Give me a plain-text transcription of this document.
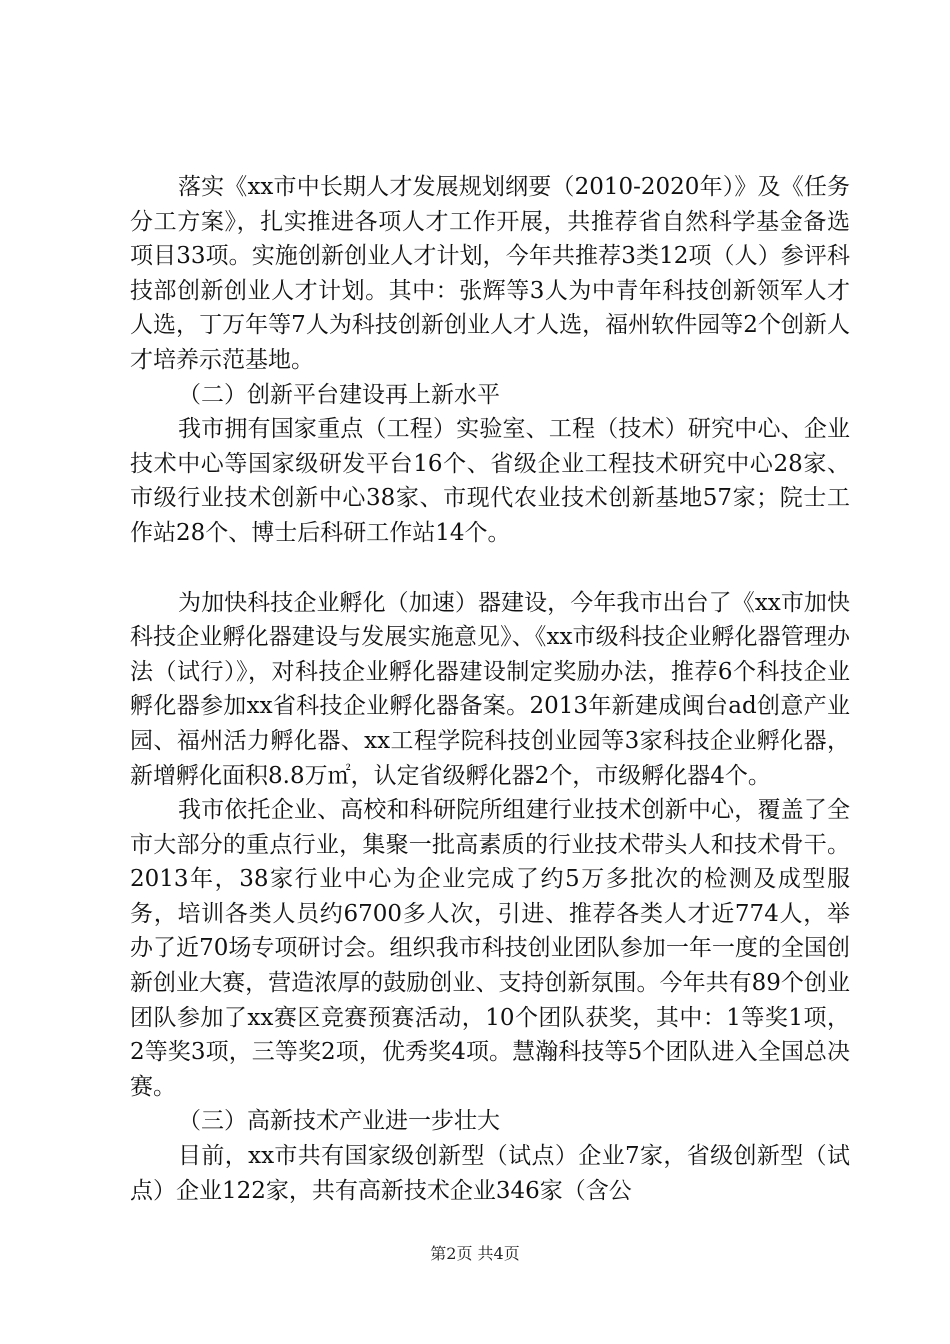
落实《xx市中长期人才发展规划纲要（2010-2020年）》及《任务分工方案》，扎实推进各项人才工作开展，共推荐省自然科学基金备选项目33项。实施创新创业人才计划，今年共推荐3类12项（人）参评科技部创新创业人才计划。其中：张辉等3人为中青年科技创新领军人才人选，丁万年等7人为科技创新创业人才人选，福州软件园等2个创新人才培养示范基地。

（二）创新平台建设再上新水平

我市拥有国家重点（工程）实验室、工程（技术）研究中心、企业技术中心等国家级研发平台16个、省级企业工程技术研究中心28家、市级行业技术创新中心38家、市现代农业技术创新基地57家；院士工作站28个、博士后科研工作站14个。

为加快科技企业孵化（加速）器建设，今年我市出台了《xx市加快科技企业孵化器建设与发展实施意见》、《xx市级科技企业孵化器管理办法（试行）》，对科技企业孵化器建设制定奖励办法，推荐6个科技企业孵化器参加xx省科技企业孵化器备案。2013年新建成闽台ad创意产业园、福州活力孵化器、xx工程学院科技创业园等3家科技企业孵化器，新增孵化面积8.8万㎡，认定省级孵化器2个，市级孵化器4个。

我市依托企业、高校和科研院所组建行业技术创新中心，覆盖了全市大部分的重点行业，集聚一批高素质的行业技术带头人和技术骨干。2013年，38家行业中心为企业完成了约5万多批次的检测及成型服务，培训各类人员约6700多人次，引进、推荐各类人才近774人，举办了近70场专项研讨会。组织我市科技创业团队参加一年一度的全国创新创业大赛，营造浓厚的鼓励创业、支持创新氛围。今年共有89个创业团队参加了xx赛区竞赛预赛活动，10个团队获奖，其中：1等奖1项，2等奖3项，三等奖2项，优秀奖4项。慧瀚科技等5个团队进入全国总决赛。

（三）高新技术产业进一步壮大

目前，xx市共有国家级创新型（试点）企业7家，省级创新型（试点）企业122家，共有高新技术企业346家（含公

第2页 共4页
